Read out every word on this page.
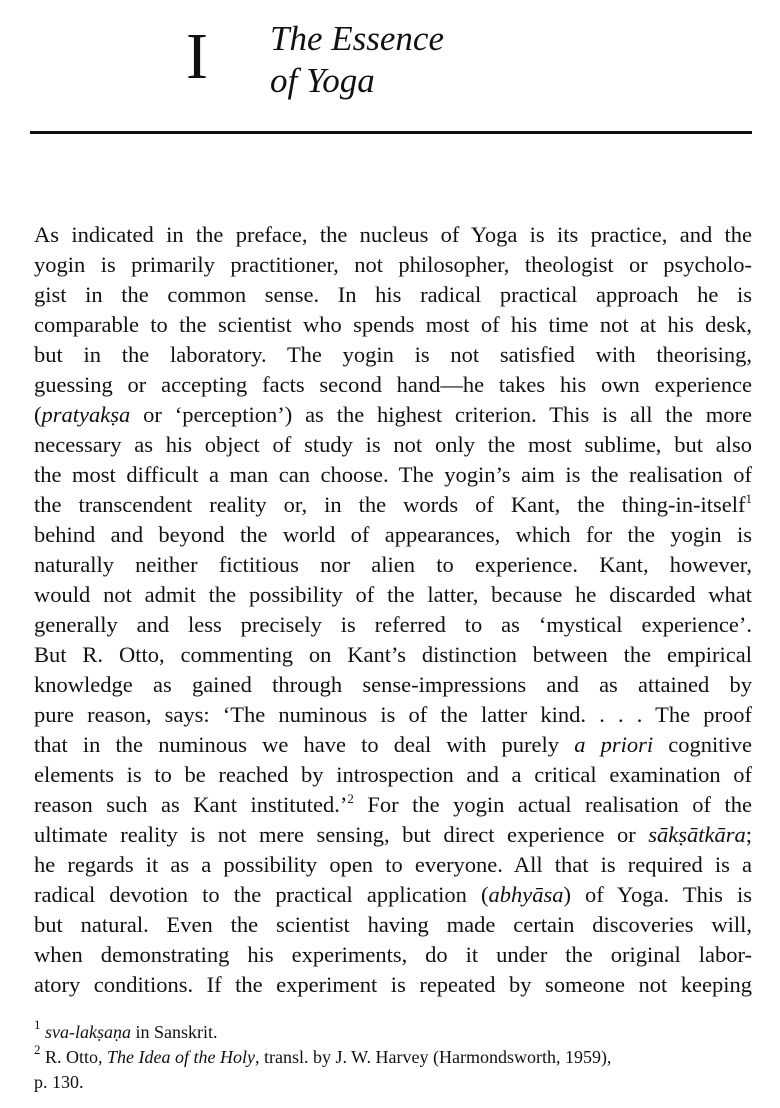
I The Essence
of Yoga
As indicated in the preface, the nucleus of Yoga is its practice, and the
yogin is primarily practitioner, not philosopher, theologist or psycholo-
gist in the common sense. In his radical practical approach he is
comparable to the scientist who spends most of his time not at his desk,
but in the laboratory. The yogin is not satisfied with theorising,
guessing or accepting facts second hand—he takes his own experience
(pratyakṣa or ‘perception’) as the highest criterion. This is all the more
necessary as his object of study is not only the most sublime, but also
the most difficult a man can choose. The yogin’s aim is the realisation of
the transcendent reality or, in the words of Kant, the thing-in-itself$^1$
behind and beyond the world of appearances, which for the yogin is
naturally neither fictitious nor alien to experience. Kant, however,
would not admit the possibility of the latter, because he discarded what
generally and less precisely is referred to as ‘mystical experience’.
But R. Otto, commenting on Kant’s distinction between the empirical
knowledge as gained through sense-impressions and as attained by
pure reason, says: ‘The numinous is of the latter kind. . . . The proof
that in the numinous we have to deal with purely a priori cognitive
elements is to be reached by introspection and a critical examination of
reason such as Kant instituted.’$^2$ For the yogin actual realisation of the
ultimate reality is not mere sensing, but direct experience or sākṣātkāra;
he regards it as a possibility open to everyone. All that is required is a
radical devotion to the practical application (abhyāsa) of Yoga. This is
but natural. Even the scientist having made certain discoveries will,
when demonstrating his experiments, do it under the original labor-
atory conditions. If the experiment is repeated by someone not keeping
$^1$ sva-lakṣaṇa in Sanskrit.
$^2$ R. Otto, The Idea of the Holy, transl. by J. W. Harvey (Harmondsworth, 1959),
p. 130.
